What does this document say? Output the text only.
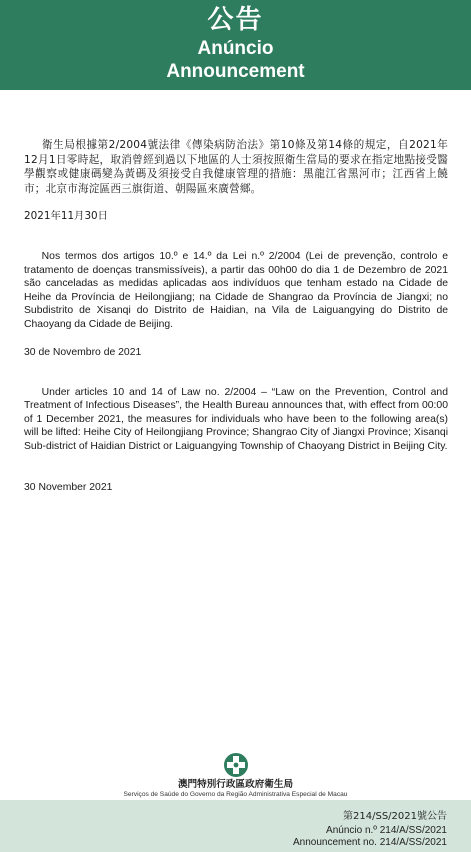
公告
Anúncio
Announcement

衛生局根據第2/2004號法律《傳染病防治法》第10條及第14條的規定，自2021年12月1日零時起，取消曾經到過以下地區的人士須按照衛生當局的要求在指定地點接受醫學觀察或健康碼變為黃碼及須接受自我健康管理的措施：黑龍江省黑河市；江西省上饒市；北京市海淀區西三旗街道、朝陽區來廣營鄉。

2021年11月30日

Nos termos dos artigos 10.º e 14.º da Lei n.º 2/2004 (Lei de prevenção, controlo e tratamento de doenças transmissíveis), a partir das 00h00 do dia 1 de Dezembro de 2021 são canceladas as medidas aplicadas aos indivíduos que tenham estado na Cidade de Heihe da Província de Heilongjiang; na Cidade de Shangrao da Província de Jiangxi; no Subdistrito de Xisanqi do Distrito de Haidian, na Vila de Laiguangying do Distrito de Chaoyang da Cidade de Beijing.

30 de Novembro de 2021

Under articles 10 and 14 of Law no. 2/2004 – “Law on the Prevention, Control and Treatment of Infectious Diseases”, the Health Bureau announces that, with effect from 00:00 of 1 December 2021, the measures for individuals who have been to the following area(s) will be lifted: Heihe City of Heilongjiang Province; Shangrao City of Jiangxi Province; Xisanqi Sub-district of Haidian District or Laiguangying Township of Chaoyang District in Beijing City.

30 November 2021

澳門特別行政區政府衛生局
Serviços de Saúde do Governo da Região Administrativa Especial de Macau
第214/SS/2021號公告
Anúncio n.º 214/A/SS/2021
Announcement no. 214/A/SS/2021
